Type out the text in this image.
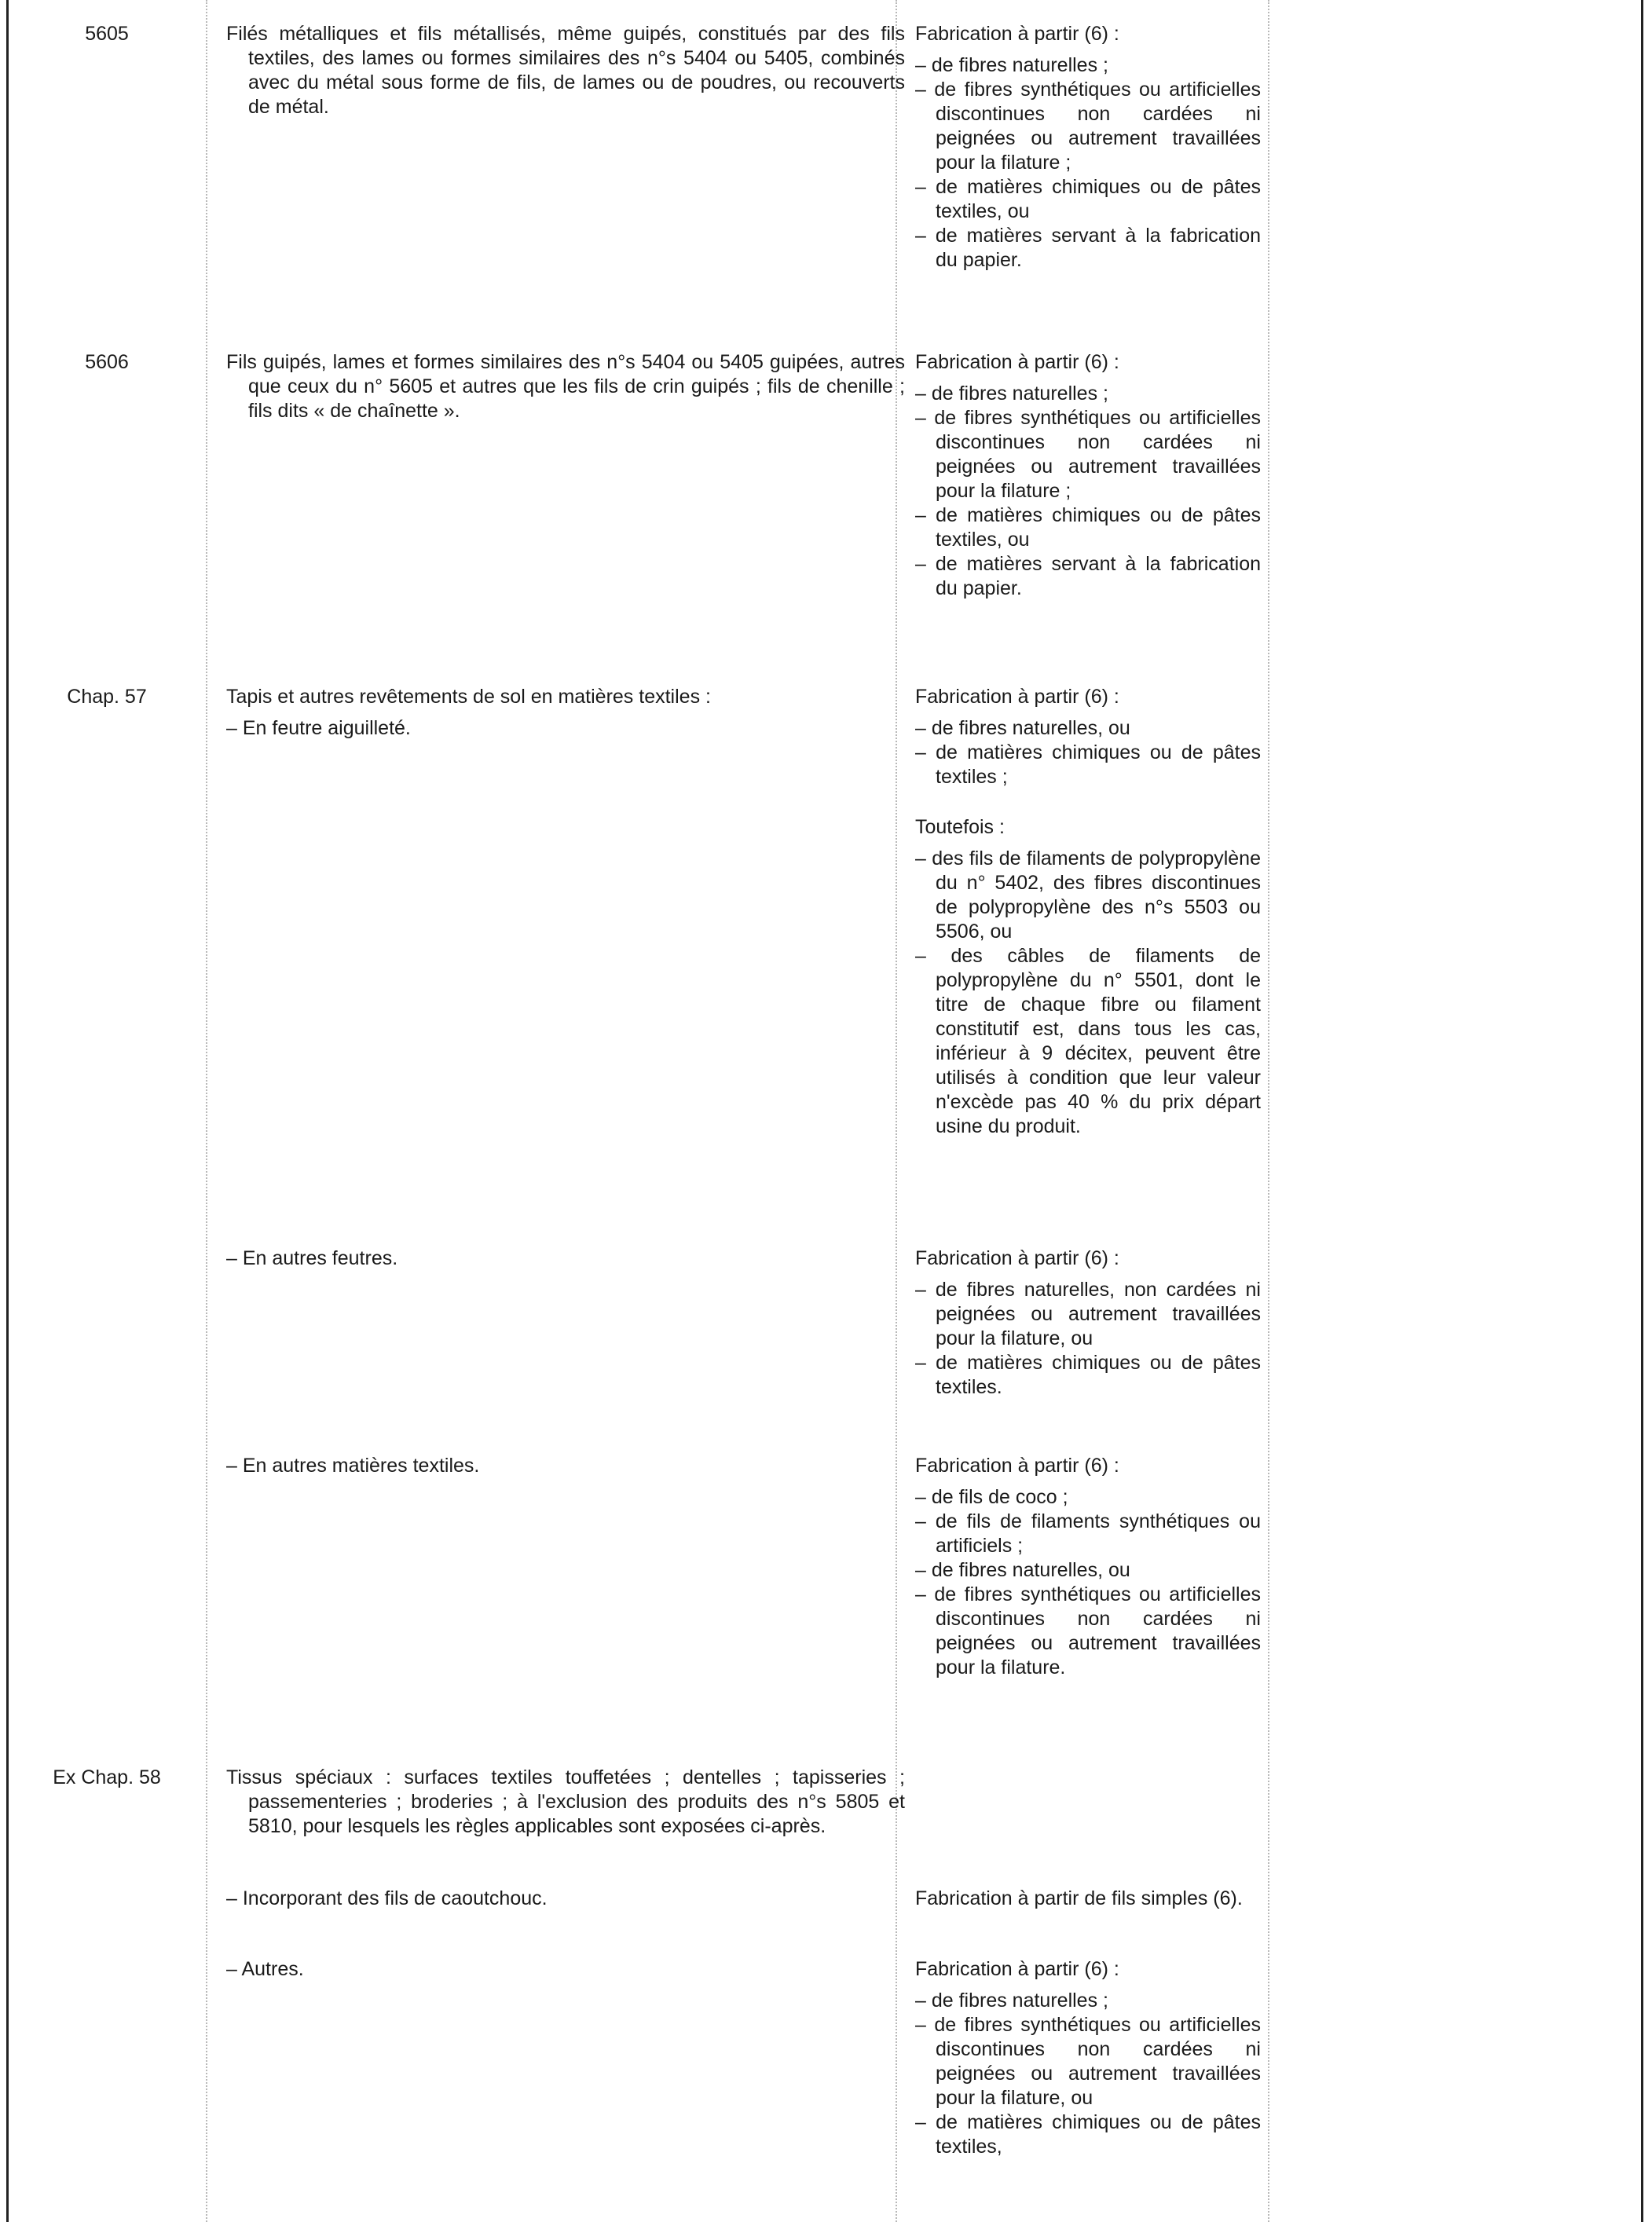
5605	Filés métalliques et fils métallisés, même guipés, constitués par des fils textiles, des lames ou formes similaires des n°s 5404 ou 5405, combinés avec du métal sous forme de fils, de lames ou de poudres, ou recouverts de métal.

Fabrication à partir (6) :

– de fibres naturelles ;
– de fibres synthétiques ou artificielles discontinues non cardées ni peignées ou autrement travaillées pour la filature ;
– de matières chimiques ou de pâtes textiles, ou
– de matières servant à la fabrication du papier.
5606	Fils guipés, lames et formes similaires des n°s 5404 ou 5405 guipées, autres que ceux du n° 5605 et autres que les fils de crin guipés ; fils de chenille ; fils dits « de chaînette ».

Fabrication à partir (6) :

– de fibres naturelles ;
– de fibres synthétiques ou artificielles discontinues non cardées ni peignées ou autrement travaillées pour la filature ;
– de matières chimiques ou de pâtes textiles, ou
– de matières servant à la fabrication du papier.
Chap. 57	Tapis et autres revêtements de sol en matières textiles :
– En feutre aiguilleté.

Fabrication à partir (6) :

– de fibres naturelles, ou
– de matières chimiques ou de pâtes textiles ;

Toutefois :

– des fils de filaments de polypropylène du n° 5402, des fibres discontinues de polypropylène des n°s 5503 ou 5506, ou
– des câbles de filaments de polypropylène du n° 5501, dont le titre de chaque fibre ou filament constitutif est, dans tous les cas, inférieur à 9 décitex, peuvent être utilisés à condition que leur valeur n'excède pas 40 % du prix départ usine du produit.
– En autres feutres.	Fabrication à partir (6) :

– de fibres naturelles, non cardées ni peignées ou autrement travaillées pour la filature, ou
– de matières chimiques ou de pâtes textiles.
– En autres matières textiles.	Fabrication à partir (6) :

– de fils de coco ;
– de fils de filaments synthétiques ou artificiels ;
– de fibres naturelles, ou
– de fibres synthétiques ou artificielles discontinues non cardées ni peignées ou autrement travaillées pour la filature.
Ex Chap. 58	Tissus spéciaux : surfaces textiles touffetées ; dentelles ; tapisseries ; passementeries ; broderies ; à l'exclusion des produits des n°s 5805 et 5810, pour lesquels les règles applicables sont exposées ci-après.
– Incorporant des fils de caoutchouc.	Fabrication à partir de fils simples (6).
– Autres.	Fabrication à partir (6) :

– de fibres naturelles ;
– de fibres synthétiques ou artificielles discontinues non cardées ni peignées ou autrement travaillées pour la filature, ou
– de matières chimiques ou de pâtes textiles,
